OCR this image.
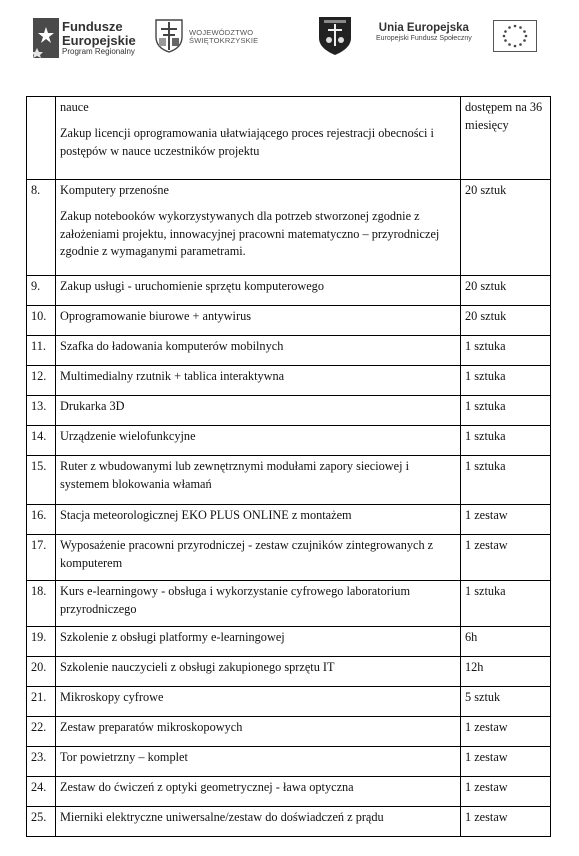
Fundusze
Europejskie
Program Regionalny
WOJEWÓDZTWO
ŚWIĘTOKRZYSKIE
Unia Europejska
Europejski Fundusz Społeczny

	nauce
Zakup licencji oprogramowania ułatwiającego proces rejestracji obecności i postępów w nauce uczestników projektu	dostępem na 36 miesięcy
8.	Komputery przenośne
Zakup notebooków wykorzystywanych dla potrzeb stworzonej zgodnie z założeniami projektu, innowacyjnej pracowni matematyczno – przyrodniczej zgodnie z wymaganymi parametrami.	20 sztuk
9.	Zakup usługi - uruchomienie sprzętu komputerowego	20 sztuk
10.	Oprogramowanie biurowe + antywirus	20 sztuk
11.	Szafka do ładowania komputerów mobilnych	1 sztuka
12.	Multimedialny rzutnik + tablica interaktywna	1 sztuka
13.	Drukarka 3D	1 sztuka
14.	Urządzenie wielofunkcyjne	1 sztuka
15.	Ruter z wbudowanymi lub zewnętrznymi modułami zapory sieciowej i systemem blokowania włamań	1 sztuka
16.	Stacja meteorologicznej EKO PLUS ONLINE z montażem	1 zestaw
17.	Wyposażenie pracowni przyrodniczej - zestaw czujników zintegrowanych z komputerem	1 zestaw
18.	Kurs e-learningowy - obsługa i wykorzystanie cyfrowego laboratorium przyrodniczego	1 sztuka
19.	Szkolenie z obsługi platformy e-learningowej	6h
20.	Szkolenie nauczycieli z obsługi zakupionego sprzętu IT	12h
21.	Mikroskopy cyfrowe	5 sztuk
22.	Zestaw preparatów mikroskopowych	1 zestaw
23.	Tor powietrzny – komplet	1 zestaw
24.	Zestaw do ćwiczeń z optyki geometrycznej - ława optyczna	1 zestaw
25.	Mierniki elektryczne uniwersalne/zestaw do doświadczeń z prądu	1 zestaw
